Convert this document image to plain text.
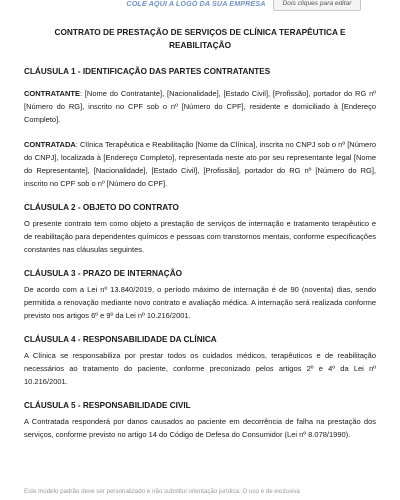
COLE AQUI A LOGO DA SUA EMPRESA	Dois cliques para editar
CONTRATO DE PRESTAÇÃO DE SERVIÇOS DE CLÍNICA TERAPÊUTICA E REABILITAÇÃO
CLÁUSULA 1 - IDENTIFICAÇÃO DAS PARTES CONTRATANTES

CONTRATANTE: [Nome do Contratante], [Nacionalidade], [Estado Civil], [Profissão], portador do RG nº [Número do RG], inscrito no CPF sob o nº [Número do CPF], residente e domiciliado à [Endereço Completo].

CONTRATADA: Clínica Terapêutica e Reabilitação [Nome da Clínica], inscrita no CNPJ sob o nº [Número do CNPJ], localizada à [Endereço Completo], representada neste ato por seu representante legal [Nome do Representante], [Nacionalidade], [Estado Civil], [Profissão], portador do RG nº [Número do RG], inscrito no CPF sob o nº [Número do CPF].

CLÁUSULA 2 - OBJETO DO CONTRATO

O presente contrato tem como objeto a prestação de serviços de internação e tratamento terapêutico e de reabilitação para dependentes químicos e pessoas com transtornos mentais, conforme especificações constantes nas cláusulas seguintes.

CLÁUSULA 3 - PRAZO DE INTERNAÇÃO

De acordo com a Lei nº 13.840/2019, o período máximo de internação é de 90 (noventa) dias, sendo permitida a renovação mediante novo contrato e avaliação médica. A internação será realizada conforme previsto nos artigos 6º e 9º da Lei nº 10.216/2001.

CLÁUSULA 4 - RESPONSABILIDADE DA CLÍNICA

A Clínica se responsabiliza por prestar todos os cuidados médicos, terapêuticos e de reabilitação necessários ao tratamento do paciente, conforme preconizado pelos artigos 2º e 4º da Lei nº 10.216/2001.

CLÁUSULA 5 - RESPONSABILIDADE CIVIL

A Contratada responderá por danos causados ao paciente em decorrência de falha na prestação dos serviços, conforme previsto no artigo 14 do Código de Defesa do Consumidor (Lei nº 8.078/1990).

Este modelo padrão deve ser personalizado e não substitui orientação jurídica. O uso é de exclusiva
